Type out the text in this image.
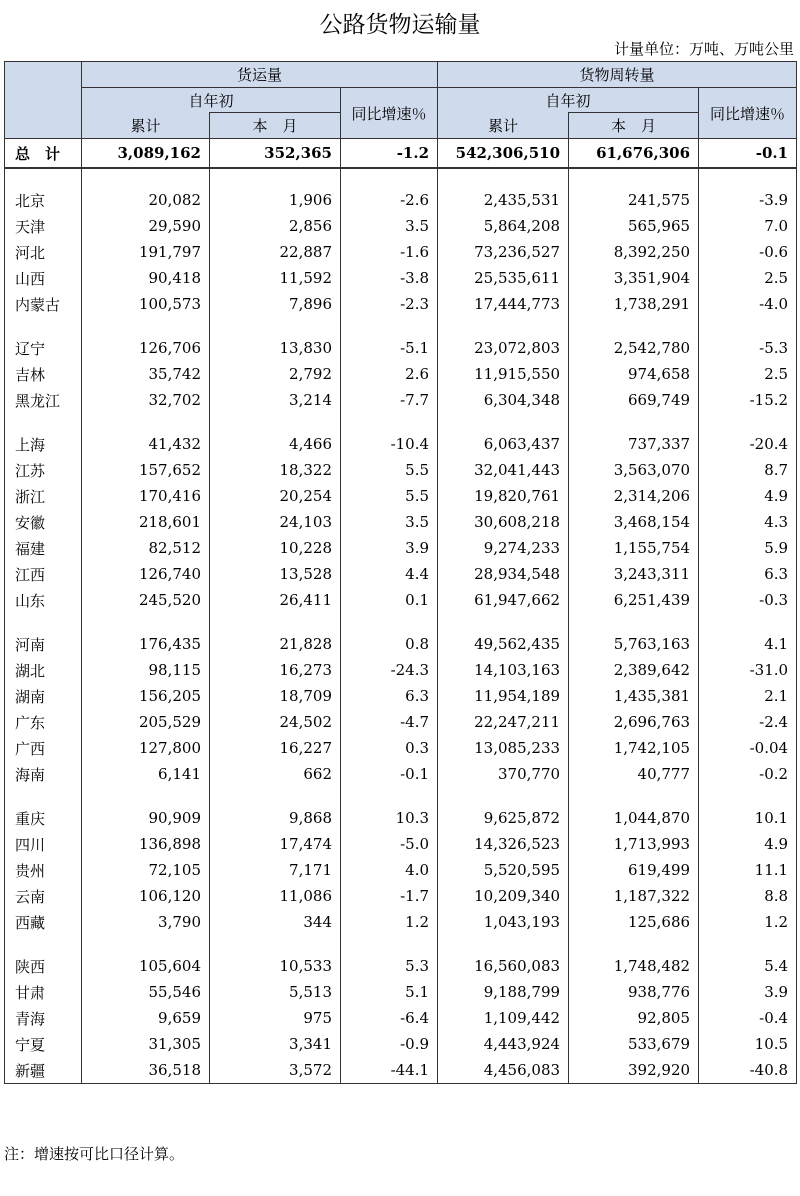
公路货物运输量
计量单位：万吨、万吨公里
	货运量			货物周转量		
	自年初		同比增速％	自年初		同比增速％
	累计	本　月		累计	本　月	
总　计	3,089,162	352,365	-1.2	542,306,510	61,676,306	-0.1

北京	20,082	1,906	-2.6	2,435,531	241,575	-3.9
天津	29,590	2,856	3.5	5,864,208	565,965	7.0
河北	191,797	22,887	-1.6	73,236,527	8,392,250	-0.6
山西	90,418	11,592	-3.8	25,535,611	3,351,904	2.5
内蒙古	100,573	7,896	-2.3	17,444,773	1,738,291	-4.0

辽宁	126,706	13,830	-5.1	23,072,803	2,542,780	-5.3
吉林	35,742	2,792	2.6	11,915,550	974,658	2.5
黑龙江	32,702	3,214	-7.7	6,304,348	669,749	-15.2

上海	41,432	4,466	-10.4	6,063,437	737,337	-20.4
江苏	157,652	18,322	5.5	32,041,443	3,563,070	8.7
浙江	170,416	20,254	5.5	19,820,761	2,314,206	4.9
安徽	218,601	24,103	3.5	30,608,218	3,468,154	4.3
福建	82,512	10,228	3.9	9,274,233	1,155,754	5.9
江西	126,740	13,528	4.4	28,934,548	3,243,311	6.3
山东	245,520	26,411	0.1	61,947,662	6,251,439	-0.3

河南	176,435	21,828	0.8	49,562,435	5,763,163	4.1
湖北	98,115	16,273	-24.3	14,103,163	2,389,642	-31.0
湖南	156,205	18,709	6.3	11,954,189	1,435,381	2.1
广东	205,529	24,502	-4.7	22,247,211	2,696,763	-2.4
广西	127,800	16,227	0.3	13,085,233	1,742,105	-0.04
海南	6,141	662	-0.1	370,770	40,777	-0.2

重庆	90,909	9,868	10.3	9,625,872	1,044,870	10.1
四川	136,898	17,474	-5.0	14,326,523	1,713,993	4.9
贵州	72,105	7,171	4.0	5,520,595	619,499	11.1
云南	106,120	11,086	-1.7	10,209,340	1,187,322	8.8
西藏	3,790	344	1.2	1,043,193	125,686	1.2

陕西	105,604	10,533	5.3	16,560,083	1,748,482	5.4
甘肃	55,546	5,513	5.1	9,188,799	938,776	3.9
青海	9,659	975	-6.4	1,109,442	92,805	-0.4
宁夏	31,305	3,341	-0.9	4,443,924	533,679	10.5
新疆	36,518	3,572	-44.1	4,456,083	392,920	-40.8
注：增速按可比口径计算。
